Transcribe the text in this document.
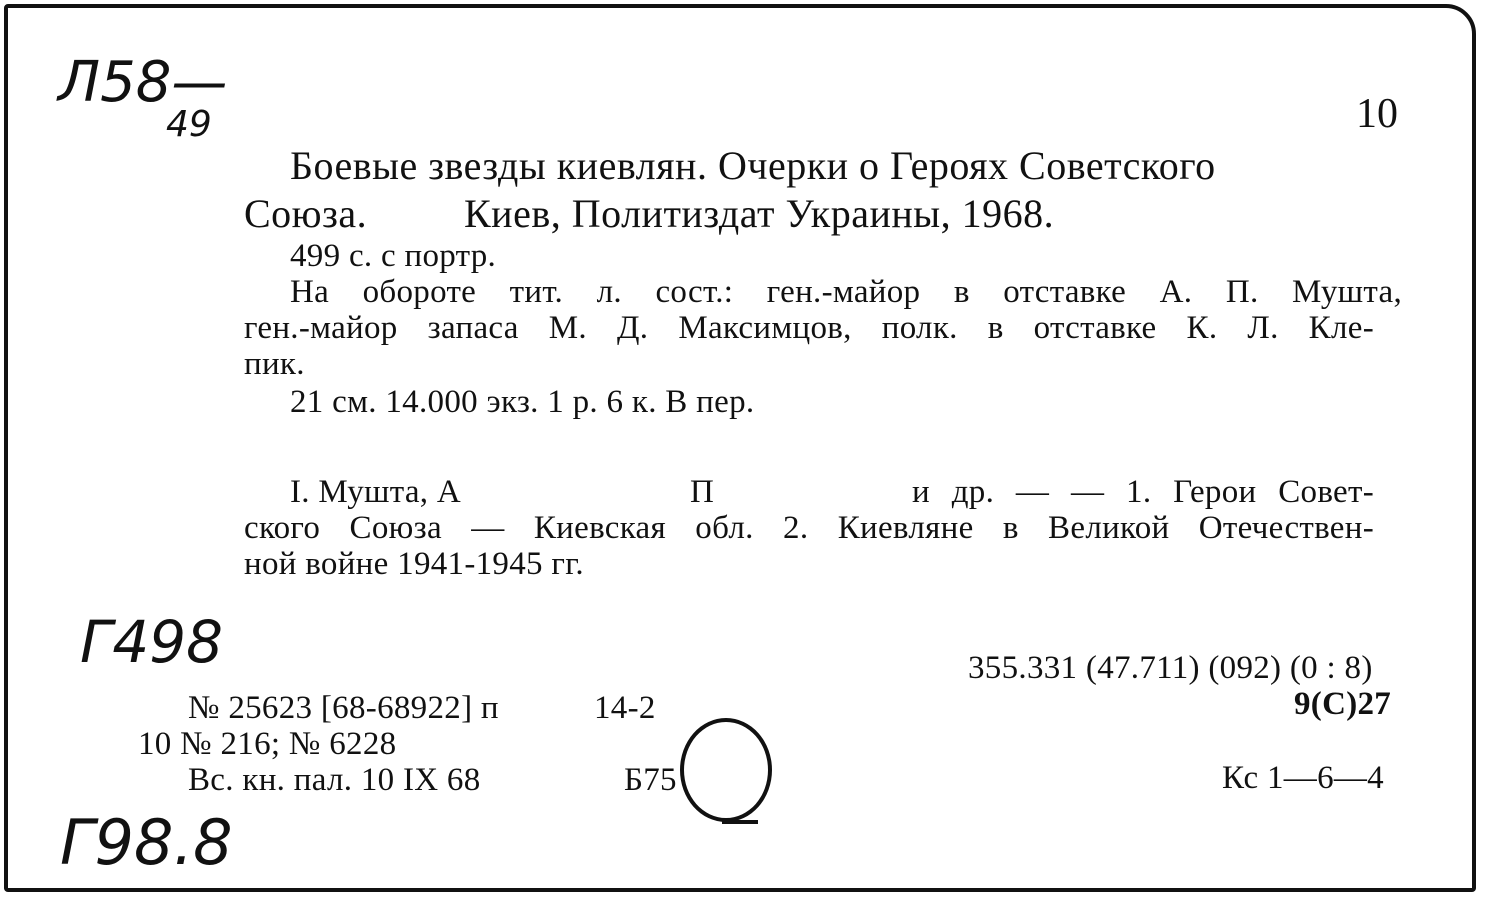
Л58—
49	10
Боевые звезды киевлян. Очерки о Героях Советского
Союза. Киев, Политиздат Украины, 1968.
499 с. с портр.
На обороте тит. л. сост.: ген.-майор в отставке А. П. Мушта,
ген.-майор запаса М. Д. Максимцов, полк. в отставке К. Л. Кле-
пик.
21 см. 14.000 экз. 1 р. 6 к. В пер.
I. Мушта, А	П	и др. — — 1. Герои Совет-
ского Союза — Киевская обл. 2. Киевляне в Великой Отечествен-
ной войне 1941-1945 гг.
Г498	355.331 (47.711) (092) (0 : 8)
9(С)27
№ 25623 [68-68922] п	14-2
10 № 216; № 6228
Вс. кн. пал. 10 IX 68	Б75	Кс 1—6—4
Г98.8
